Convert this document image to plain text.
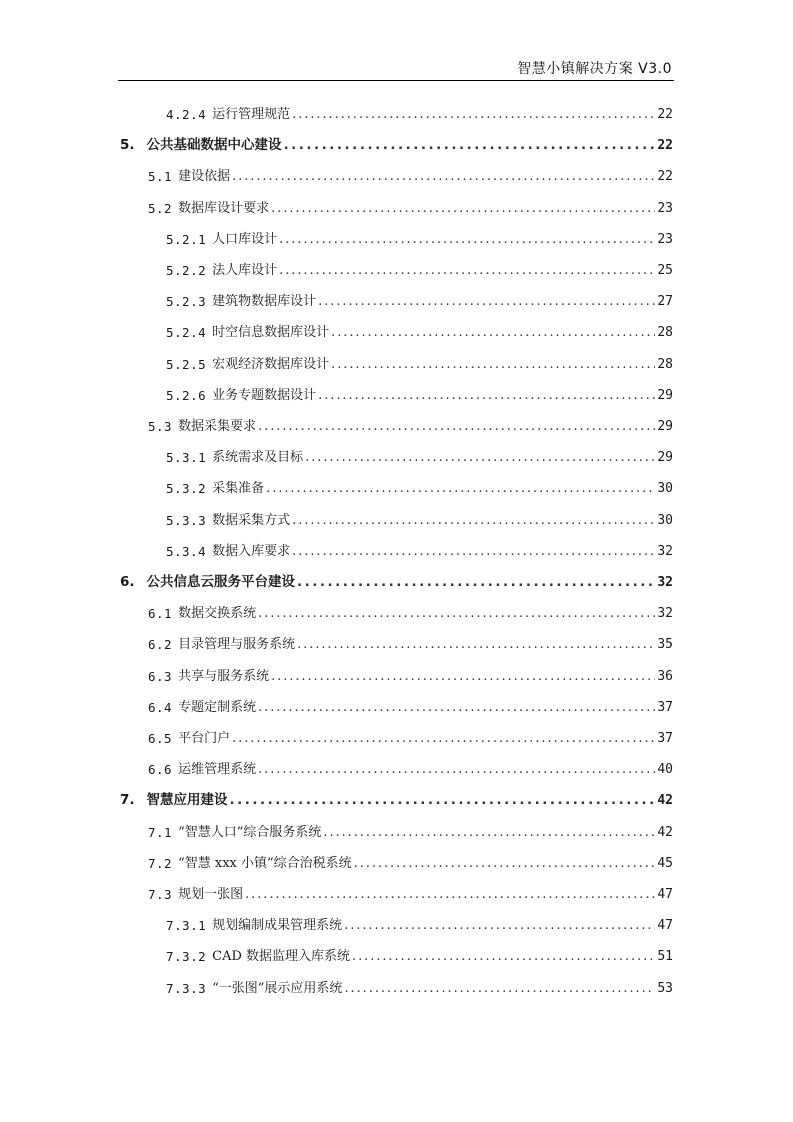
智慧小镇解决方案 V3.0
4.2.4 运行管理规范 . . .	22
5. 公共基础数据中心建设 . . .	22
5.1 建设依据 . . .	22
5.2 数据库设计要求 . . .	23
5.2.1 人口库设计 . . .	23
5.2.2 法人库设计 . . .	25
5.2.3 建筑物数据库设计 . . .	27
5.2.4 时空信息数据库设计 . . .	28
5.2.5 宏观经济数据库设计 . . .	28
5.2.6 业务专题数据设计 . . .	29
5.3 数据采集要求 . . .	29
5.3.1 系统需求及目标 . . .	29
5.3.2 采集准备 . . .	30
5.3.3 数据采集方式 . . .	30
5.3.4 数据入库要求 . . .	32
6. 公共信息云服务平台建设 . . .	32
6.1 数据交换系统 . . .	32
6.2 目录管理与服务系统 . . .	35
6.3 共享与服务系统 . . .	36
6.4 专题定制系统 . . .	37
6.5 平台门户 . . .	37
6.6 运维管理系统 . . .	40
7. 智慧应用建设 . . .	42
7.1 “智慧人口”综合服务系统 . . .	42
7.2 “智慧 xxx 小镇”综合治税系统 . . .	45
7.3 规划一张图 . . .	47
7.3.1 规划编制成果管理系统 . . .	47
7.3.2 CAD 数据监理入库系统 . . .	51
7.3.3 “一张图”展示应用系统 . . .	53
